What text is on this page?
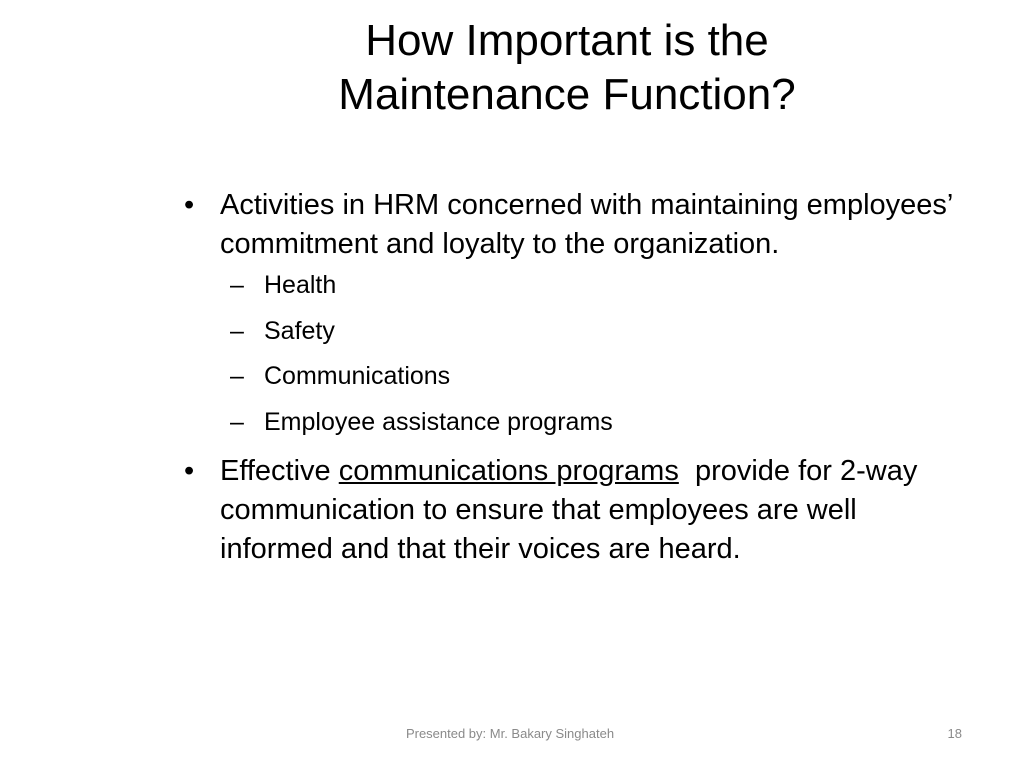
How Important is the
Maintenance Function?
• Activities in HRM concerned with maintaining employees’ commitment and loyalty to the organization.
– Health
– Safety
– Communications
– Employee assistance programs
• Effective communications programs  provide for 2-way communication to ensure that employees are well informed and that their voices are heard.
Presented by: Mr. Bakary Singhateh	18
